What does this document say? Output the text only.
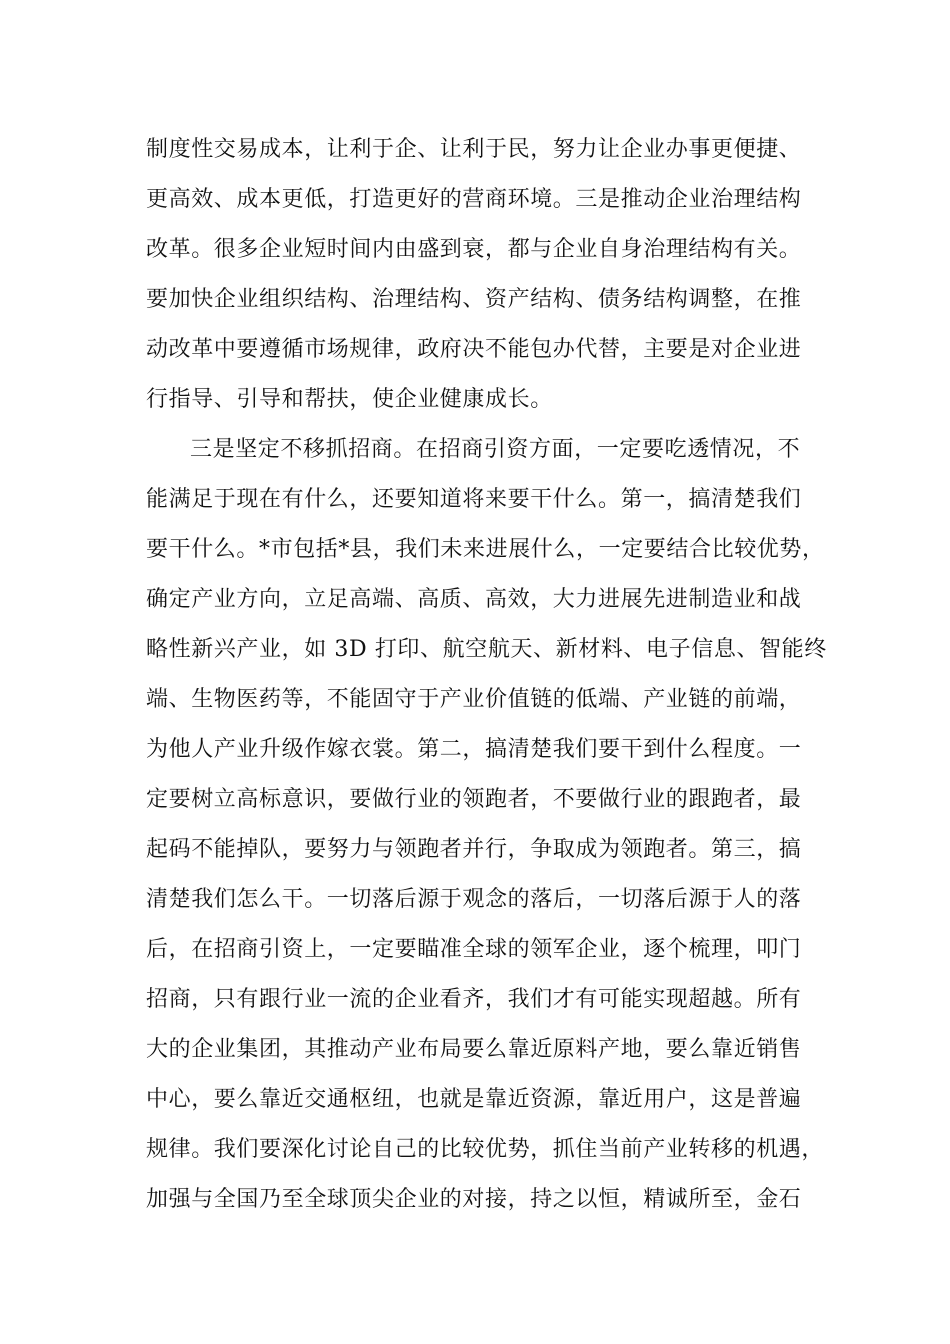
制度性交易成本，让利于企、让利于民，努力让企业办事更便捷、
更高效、成本更低，打造更好的营商环境。三是推动企业治理结构
改革。很多企业短时间内由盛到衰，都与企业自身治理结构有关。
要加快企业组织结构、治理结构、资产结构、债务结构调整，在推
动改革中要遵循市场规律，政府决不能包办代替，主要是对企业进
行指导、引导和帮扶，使企业健康成长。
三是坚定不移抓招商。在招商引资方面，一定要吃透情况，不
能满足于现在有什么，还要知道将来要干什么。第一，搞清楚我们
要干什么。*市包括*县，我们未来进展什么，一定要结合比较优势，
确定产业方向，立足高端、高质、高效，大力进展先进制造业和战
略性新兴产业，如 3D 打印、航空航天、新材料、电子信息、智能终
端、生物医药等，不能固守于产业价值链的低端、产业链的前端，
为他人产业升级作嫁衣裳。第二，搞清楚我们要干到什么程度。一
定要树立高标意识，要做行业的领跑者，不要做行业的跟跑者，最
起码不能掉队，要努力与领跑者并行，争取成为领跑者。第三，搞
清楚我们怎么干。一切落后源于观念的落后，一切落后源于人的落
后，在招商引资上，一定要瞄准全球的领军企业，逐个梳理，叩门
招商，只有跟行业一流的企业看齐，我们才有可能实现超越。所有
大的企业集团，其推动产业布局要么靠近原料产地，要么靠近销售
中心，要么靠近交通枢纽，也就是靠近资源，靠近用户，这是普遍
规律。我们要深化讨论自己的比较优势，抓住当前产业转移的机遇，
加强与全国乃至全球顶尖企业的对接，持之以恒，精诚所至，金石
